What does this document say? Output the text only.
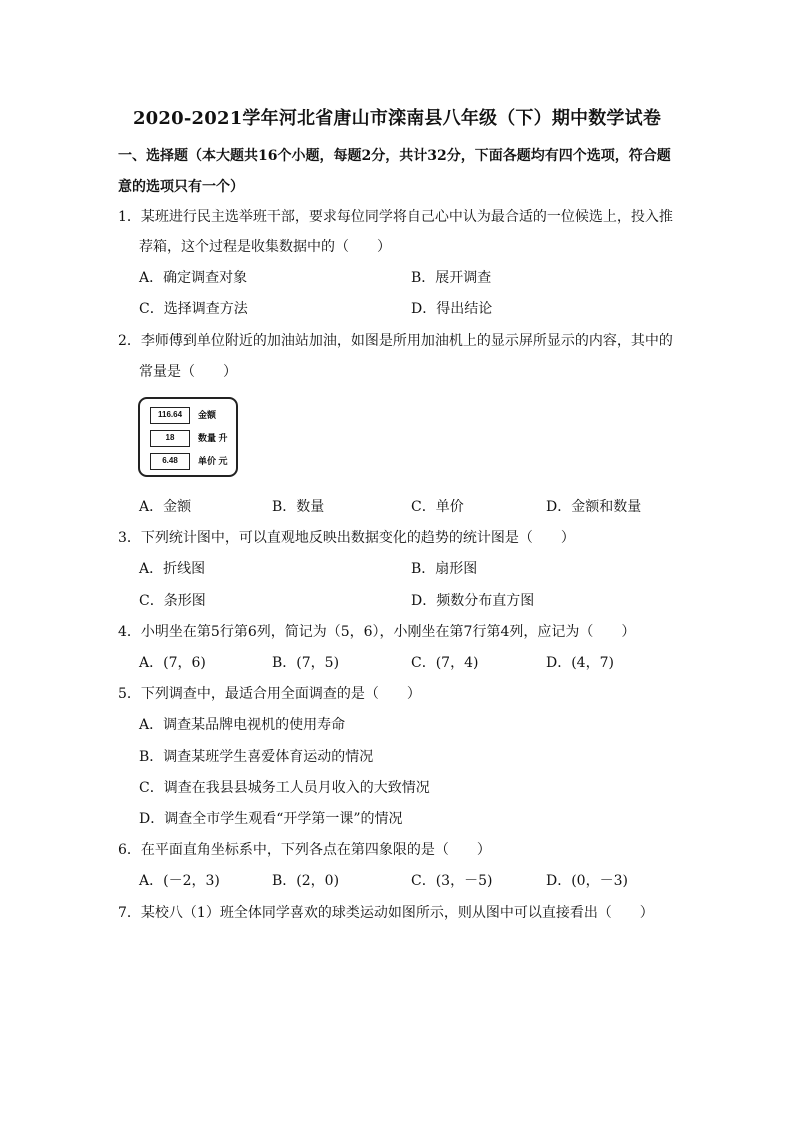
2020-2021学年河北省唐山市滦南县八年级（下）期中数学试卷
一、选择题（本大题共16个小题，每题2分，共计32分，下面各题均有四个选项，符合题意的选项只有一个）
1．某班进行民主选举班干部，要求每位同学将自己心中认为最合适的一位候选上，投入推
荐箱，这个过程是收集数据中的（　　）
A．确定调查对象	B．展开调查
C．选择调查方法	D．得出结论
2．李师傅到单位附近的加油站加油，如图是所用加油机上的显示屏所显示的内容，其中的
常量是（　　）
116.64	金额
18	数量 升
6.48	单价 元
A．金额	B．数量	C．单价	D．金额和数量
3．下列统计图中，可以直观地反映出数据变化的趋势的统计图是（　　）
A．折线图	B．扇形图
C．条形图	D．频数分布直方图
4．小明坐在第5行第6列，简记为（5，6），小刚坐在第7行第4列，应记为（　　）
A．(7，6)	B．(7，5)	C．(7，4)	D．(4，7)
5．下列调查中，最适合用全面调查的是（　　）
A．调查某品牌电视机的使用寿命
B．调查某班学生喜爱体育运动的情况
C．调查在我县县城务工人员月收入的大致情况
D．调查全市学生观看“开学第一课”的情况
6．在平面直角坐标系中，下列各点在第四象限的是（　　）
A．(－2，3)	B．(2，0)	C．(3，－5)	D．(0，－3)
7．某校八（1）班全体同学喜欢的球类运动如图所示，则从图中可以直接看出（　　）
